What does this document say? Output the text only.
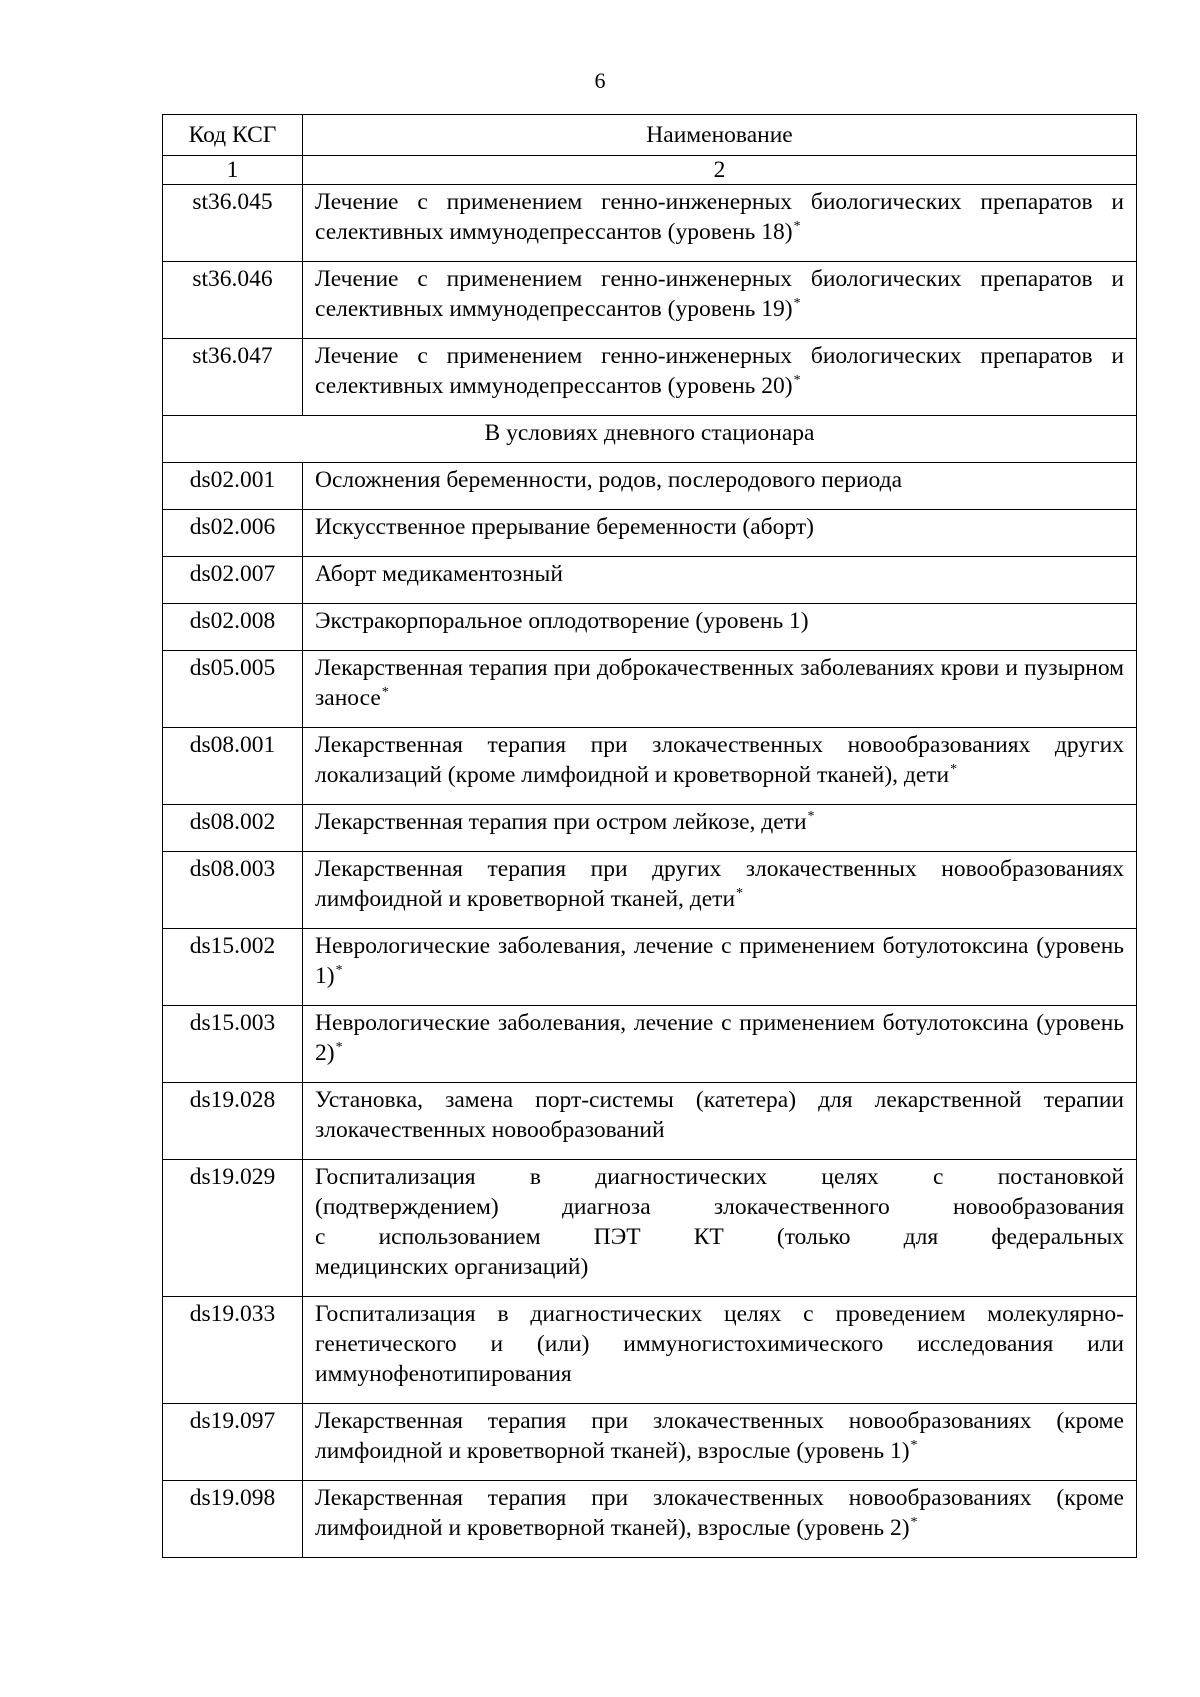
6
Код КСГ	Наименование
1	2
st36.045	Лечение с применением генно-инженерных биологических препаратов и селективных иммунодепрессантов (уровень 18)*
st36.046	Лечение с применением генно-инженерных биологических препаратов и селективных иммунодепрессантов (уровень 19)*
st36.047	Лечение с применением генно-инженерных биологических препаратов и селективных иммунодепрессантов (уровень 20)*
В условиях дневного стационара	
ds02.001	Осложнения беременности, родов, послеродового периода
ds02.006	Искусственное прерывание беременности (аборт)
ds02.007	Аборт медикаментозный
ds02.008	Экстракорпоральное оплодотворение (уровень 1)
ds05.005	Лекарственная терапия при доброкачественных заболеваниях крови и пузырном заносе*
ds08.001	Лекарственная терапия при злокачественных новообразованиях других локализаций (кроме лимфоидной и кроветворной тканей), дети*
ds08.002	Лекарственная терапия при остром лейкозе, дети*
ds08.003	Лекарственная терапия при других злокачественных новообразованиях лимфоидной и кроветворной тканей, дети*
ds15.002	Неврологические заболевания, лечение с применением ботулотоксина (уровень 1)*
ds15.003	Неврологические заболевания, лечение с применением ботулотоксина (уровень 2)*
ds19.028	Установка, замена порт-системы (катетера) для лекарственной терапии злокачественных новообразований
ds19.029	Госпитализация в диагностических целях с постановкой
(подтверждением) диагноза злокачественного новообразования
с использованием ПЭТ КТ (только для федеральных
медицинских организаций)
ds19.033	Госпитализация в диагностических целях с проведением молекулярно-генетического и (или) иммуногистохимического исследования или иммунофенотипирования
ds19.097	Лекарственная терапия при злокачественных новообразованиях (кроме лимфоидной и кроветворной тканей), взрослые (уровень 1)*
ds19.098	Лекарственная терапия при злокачественных новообразованиях (кроме лимфоидной и кроветворной тканей), взрослые (уровень 2)*
